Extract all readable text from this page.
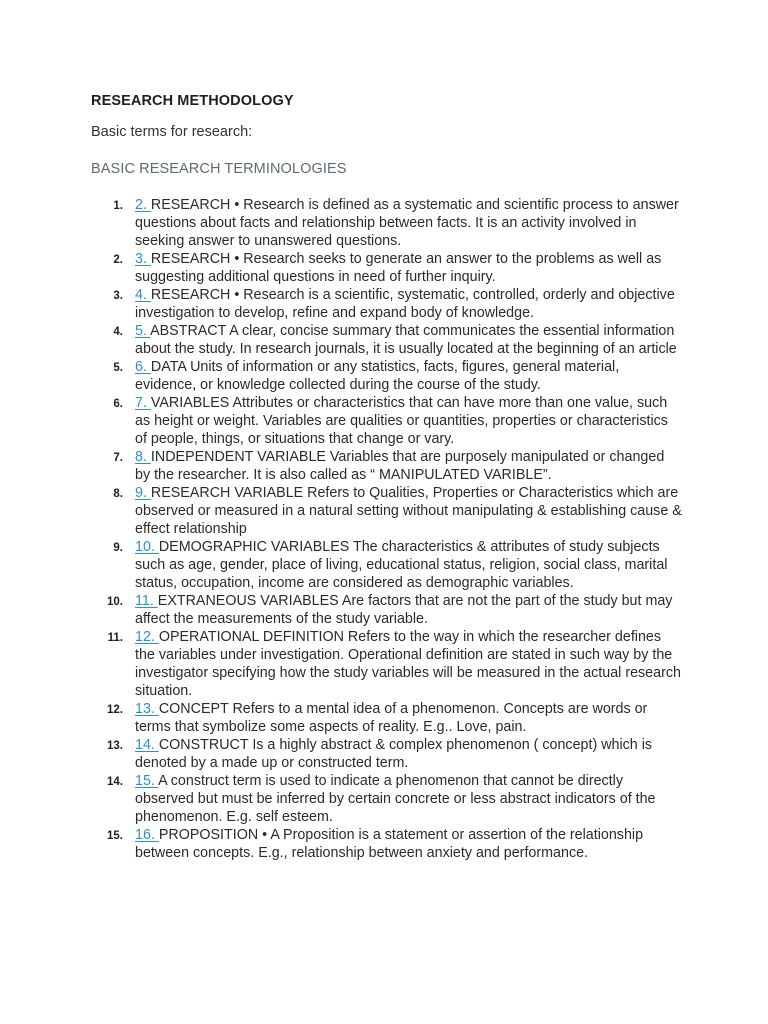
RESEARCH METHODOLOGY
Basic terms for research:
BASIC RESEARCH TERMINOLOGIES
1. 2. RESEARCH • Research is defined as a systematic and scientific process to answer questions about facts and relationship between facts. It is an activity involved in seeking answer to unanswered questions.
2. 3. RESEARCH • Research seeks to generate an answer to the problems as well as suggesting additional questions in need of further inquiry.
3. 4. RESEARCH • Research is a scientific, systematic, controlled, orderly and objective investigation to develop, refine and expand body of knowledge.
4. 5. ABSTRACT A clear, concise summary that communicates the essential information about the study. In research journals, it is usually located at the beginning of an article
5. 6. DATA Units of information or any statistics, facts, figures, general material, evidence, or knowledge collected during the course of the study.
6. 7. VARIABLES Attributes or characteristics that can have more than one value, such as height or weight. Variables are qualities or quantities, properties or characteristics of people, things, or situations that change or vary.
7. 8. INDEPENDENT VARIABLE Variables that are purposely manipulated or changed by the researcher. It is also called as “ MANIPULATED VARIBLE”.
8. 9. RESEARCH VARIABLE Refers to Qualities, Properties or Characteristics which are observed or measured in a natural setting without manipulating & establishing cause & effect relationship
9. 10. DEMOGRAPHIC VARIABLES The characteristics & attributes of study subjects such as age, gender, place of living, educational status, religion, social class, marital status, occupation, income are considered as demographic variables.
10. 11. EXTRANEOUS VARIABLES Are factors that are not the part of the study but may affect the measurements of the study variable.
11. 12. OPERATIONAL DEFINITION Refers to the way in which the researcher defines the variables under investigation. Operational definition are stated in such way by the investigator specifying how the study variables will be measured in the actual research situation.
12. 13. CONCEPT Refers to a mental idea of a phenomenon. Concepts are words or terms that symbolize some aspects of reality. E.g.. Love, pain.
13. 14. CONSTRUCT Is a highly abstract & complex phenomenon ( concept) which is denoted by a made up or constructed term.
14. 15. A construct term is used to indicate a phenomenon that cannot be directly observed but must be inferred by certain concrete or less abstract indicators of the phenomenon. E.g. self esteem.
15. 16. PROPOSITION • A Proposition is a statement or assertion of the relationship between concepts. E.g., relationship between anxiety and performance.
